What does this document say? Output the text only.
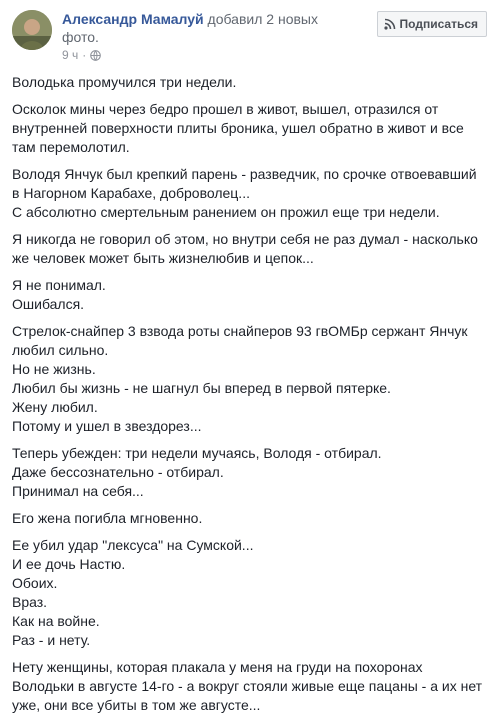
Александр Мамалуй добавил 2 новых фото.
9 ч ·
Подписаться
Володька промучился три недели.
Осколок мины через бедро прошел в живот, вышел, отразился от
внутренней поверхности плиты броника, ушел обратно в живот и все
там перемолотил.
Володя Янчук был крепкий парень - разведчик, по срочке отвоевавший
в Нагорном Карабахе, доброволец...
С абсолютно смертельным ранением он прожил еще три недели.
Я никогда не говорил об этом, но внутри себя не раз думал - насколько
же человек может быть жизнелюбив и цепок...
Я не понимал.
Ошибался.
Стрелок-снайпер 3 взвода роты снайперов 93 гвОМБр сержант Янчук
любил сильно.
Но не жизнь.
Любил бы жизнь - не шагнул бы вперед в первой пятерке.
Жену любил.
Потому и ушел в звездорез...
Теперь убежден: три недели мучаясь, Володя - отбирал.
Даже бессознательно - отбирал.
Принимал на себя...
Его жена погибла мгновенно.
Ее убил удар "лексуса" на Сумской...
И ее дочь Настю.
Обоих.
Враз.
Как на войне.
Раз - и нету.
Нету женщины, которая плакала у меня на груди на похоронах
Володьки в августе 14-го - а вокруг стояли живые еще пацаны - а их нет
уже, они все убиты в том же августе...
